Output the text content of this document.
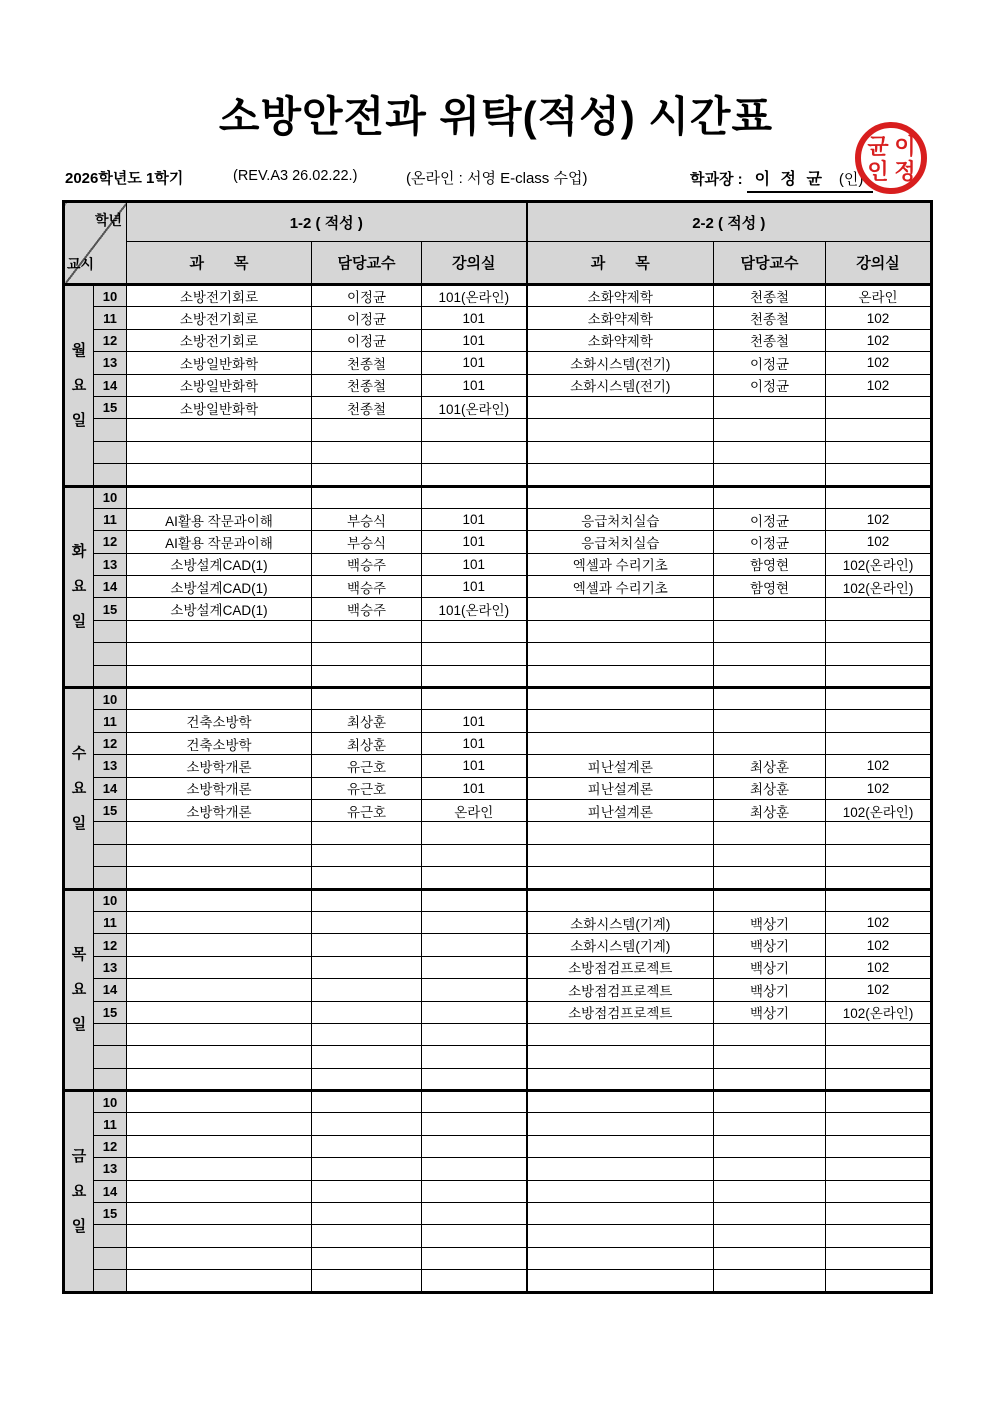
소방안전과 위탁(적성) 시간표
2026학년도 1학기	(REV.A3 26.02.22.)	(온라인 : 서영 E-class 수업)	학과장 : 이 정 균 (인)
이
정
균
인
학년
교시		1-2 ( 적성 )			2-2 ( 적성 )		
		과　　목	담당교수	강의실	과　　목	담당교수	강의실

월
요
일	10	소방전기회로	이정균	101(온라인)	소화약제학	천종철	온라인
	11	소방전기회로	이정균	101	소화약제학	천종철	102
	12	소방전기회로	이정균	101	소화약제학	천종철	102
	13	소방일반화학	천종철	101	소화시스템(전기)	이정균	102
	14	소방일반화학	천종철	101	소화시스템(전기)	이정균	102
	15	소방일반화학	천종철	101(온라인)			

화
요
일	10						
	11	AI활용 작문과이해	부승식	101	응급처치실습	이정균	102
	12	AI활용 작문과이해	부승식	101	응급처치실습	이정균	102
	13	소방설계CAD(1)	백승주	101	엑셀과 수리기초	함영현	102(온라인)
	14	소방설계CAD(1)	백승주	101	엑셀과 수리기초	함영현	102(온라인)
	15	소방설계CAD(1)	백승주	101(온라인)			

수
요
일	10						
	11	건축소방학	최상훈	101			
	12	건축소방학	최상훈	101			
	13	소방학개론	유근호	101	피난설계론	최상훈	102
	14	소방학개론	유근호	101	피난설계론	최상훈	102
	15	소방학개론	유근호	온라인	피난설계론	최상훈	102(온라인)

목
요
일	10						
	11				소화시스템(기계)	백상기	102
	12				소화시스템(기계)	백상기	102
	13				소방점검프로젝트	백상기	102
	14				소방점검프로젝트	백상기	102
	15				소방점검프로젝트	백상기	102(온라인)

금
요
일	10						
	11						
	12						
	13						
	14						
	15						
